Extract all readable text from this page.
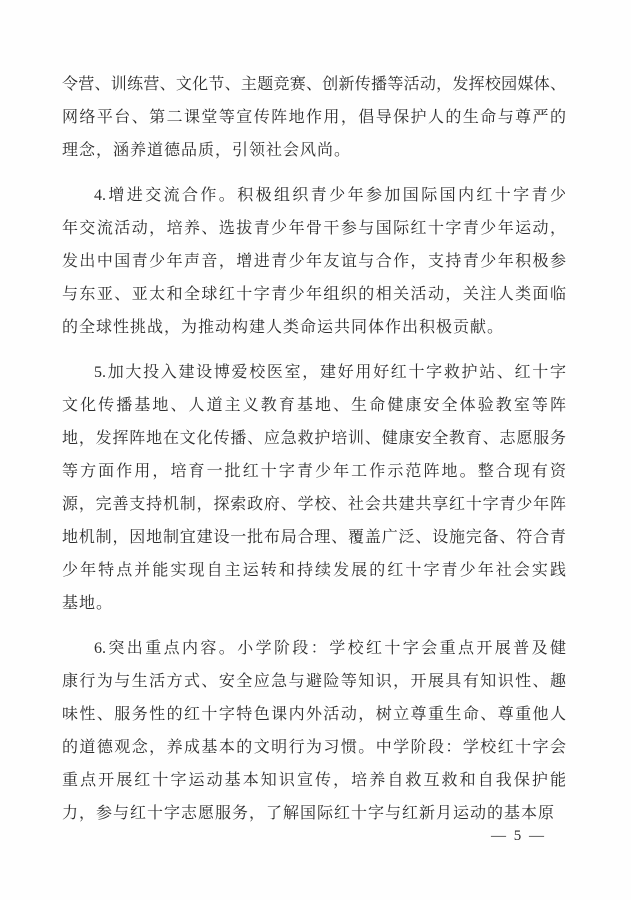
令营、训练营、文化节、主题竞赛、创新传播等活动，发挥校园媒体、
网络平台、第二课堂等宣传阵地作用，倡导保护人的生命与尊严的
理念，涵养道德品质，引领社会风尚。
4.增进交流合作。积极组织青少年参加国际国内红十字青少
年交流活动，培养、选拔青少年骨干参与国际红十字青少年运动，
发出中国青少年声音，增进青少年友谊与合作，支持青少年积极参
与东亚、亚太和全球红十字青少年组织的相关活动，关注人类面临
的全球性挑战，为推动构建人类命运共同体作出积极贡献。
5.加大投入建设博爱校医室，建好用好红十字救护站、红十字
文化传播基地、人道主义教育基地、生命健康安全体验教室等阵
地，发挥阵地在文化传播、应急救护培训、健康安全教育、志愿服务
等方面作用，培育一批红十字青少年工作示范阵地。整合现有资
源，完善支持机制，探索政府、学校、社会共建共享红十字青少年阵
地机制，因地制宜建设一批布局合理、覆盖广泛、设施完备、符合青
少年特点并能实现自主运转和持续发展的红十字青少年社会实践
基地。
6.突出重点内容。小学阶段：学校红十字会重点开展普及健
康行为与生活方式、安全应急与避险等知识，开展具有知识性、趣
味性、服务性的红十字特色课内外活动，树立尊重生命、尊重他人
的道德观念，养成基本的文明行为习惯。中学阶段：学校红十字会
重点开展红十字运动基本知识宣传，培养自救互救和自我保护能
力，参与红十字志愿服务，了解国际红十字与红新月运动的基本原
— 5 —
